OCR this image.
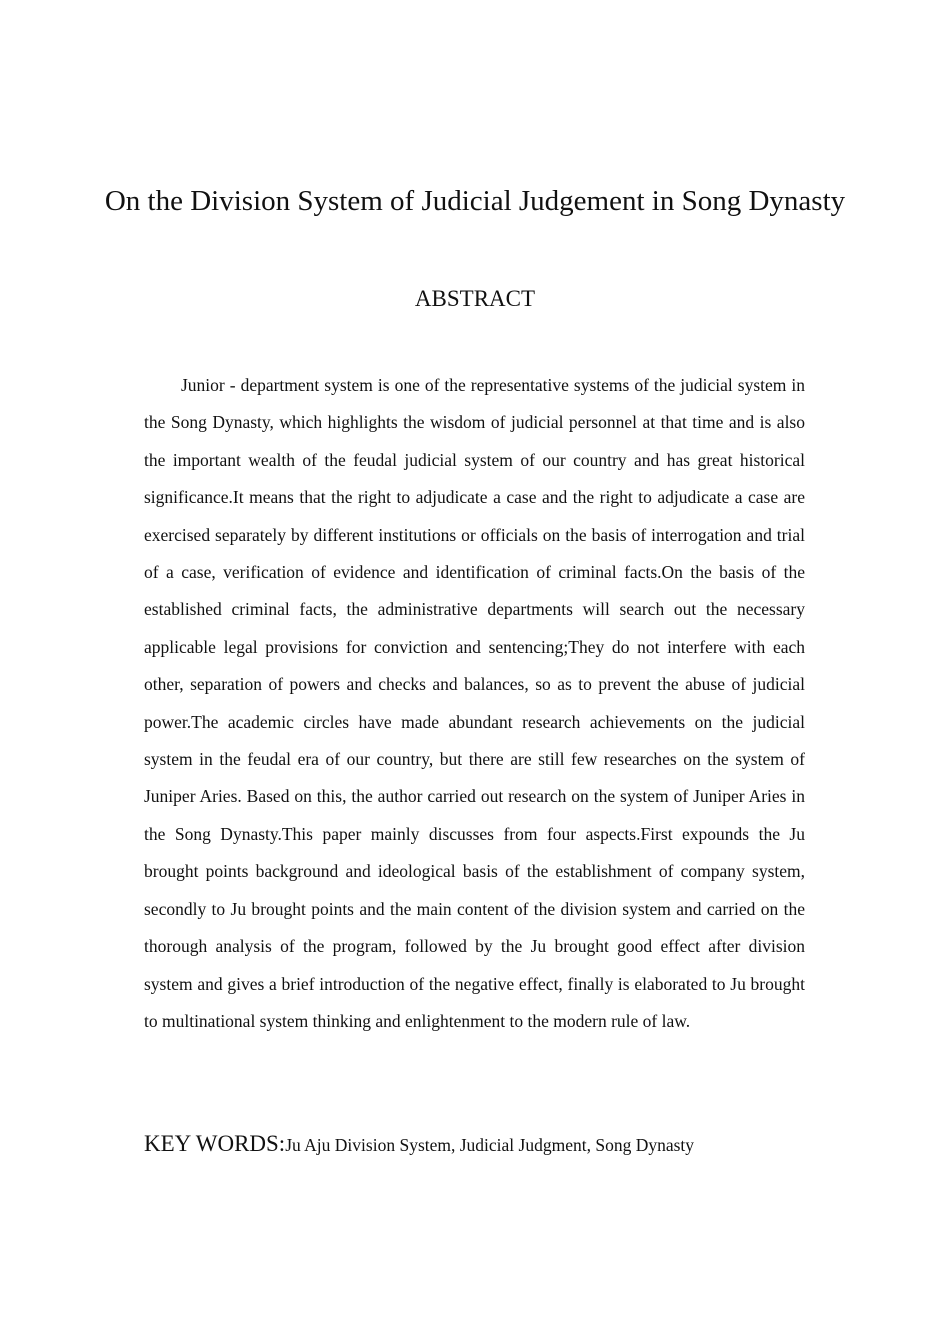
On the Division System of Judicial Judgement in Song Dynasty
ABSTRACT

Junior - department system is one of the representative systems of the judicial system in the Song Dynasty, which highlights the wisdom of judicial personnel at that time and is also the important wealth of the feudal judicial system of our country and has great historical significance.It means that the right to adjudicate a case and the right to adjudicate a case are exercised separately by different institutions or officials on the basis of interrogation and trial of a case, verification of evidence and identification of criminal facts.On the basis of the established criminal facts, the administrative departments will search out the necessary applicable legal provisions for conviction and sentencing;They do not interfere with each other, separation of powers and checks and balances, so as to prevent the abuse of judicial power.The academic circles have made abundant research achievements on the judicial system in the feudal era of our country, but there are still few researches on the system of Juniper Aries. Based on this, the author carried out research on the system of Juniper Aries in the Song Dynasty.This paper mainly discusses from four aspects.First expounds the Ju brought points background and ideological basis of the establishment of company system, secondly to Ju brought points and the main content of the division system and carried on the thorough analysis of the program, followed by the Ju brought good effect after division system and gives a brief introduction of the negative effect, finally is elaborated to Ju brought to multinational system thinking and enlightenment to the modern rule of law.

KEY WORDS:Ju Aju Division System, Judicial Judgment, Song Dynasty
